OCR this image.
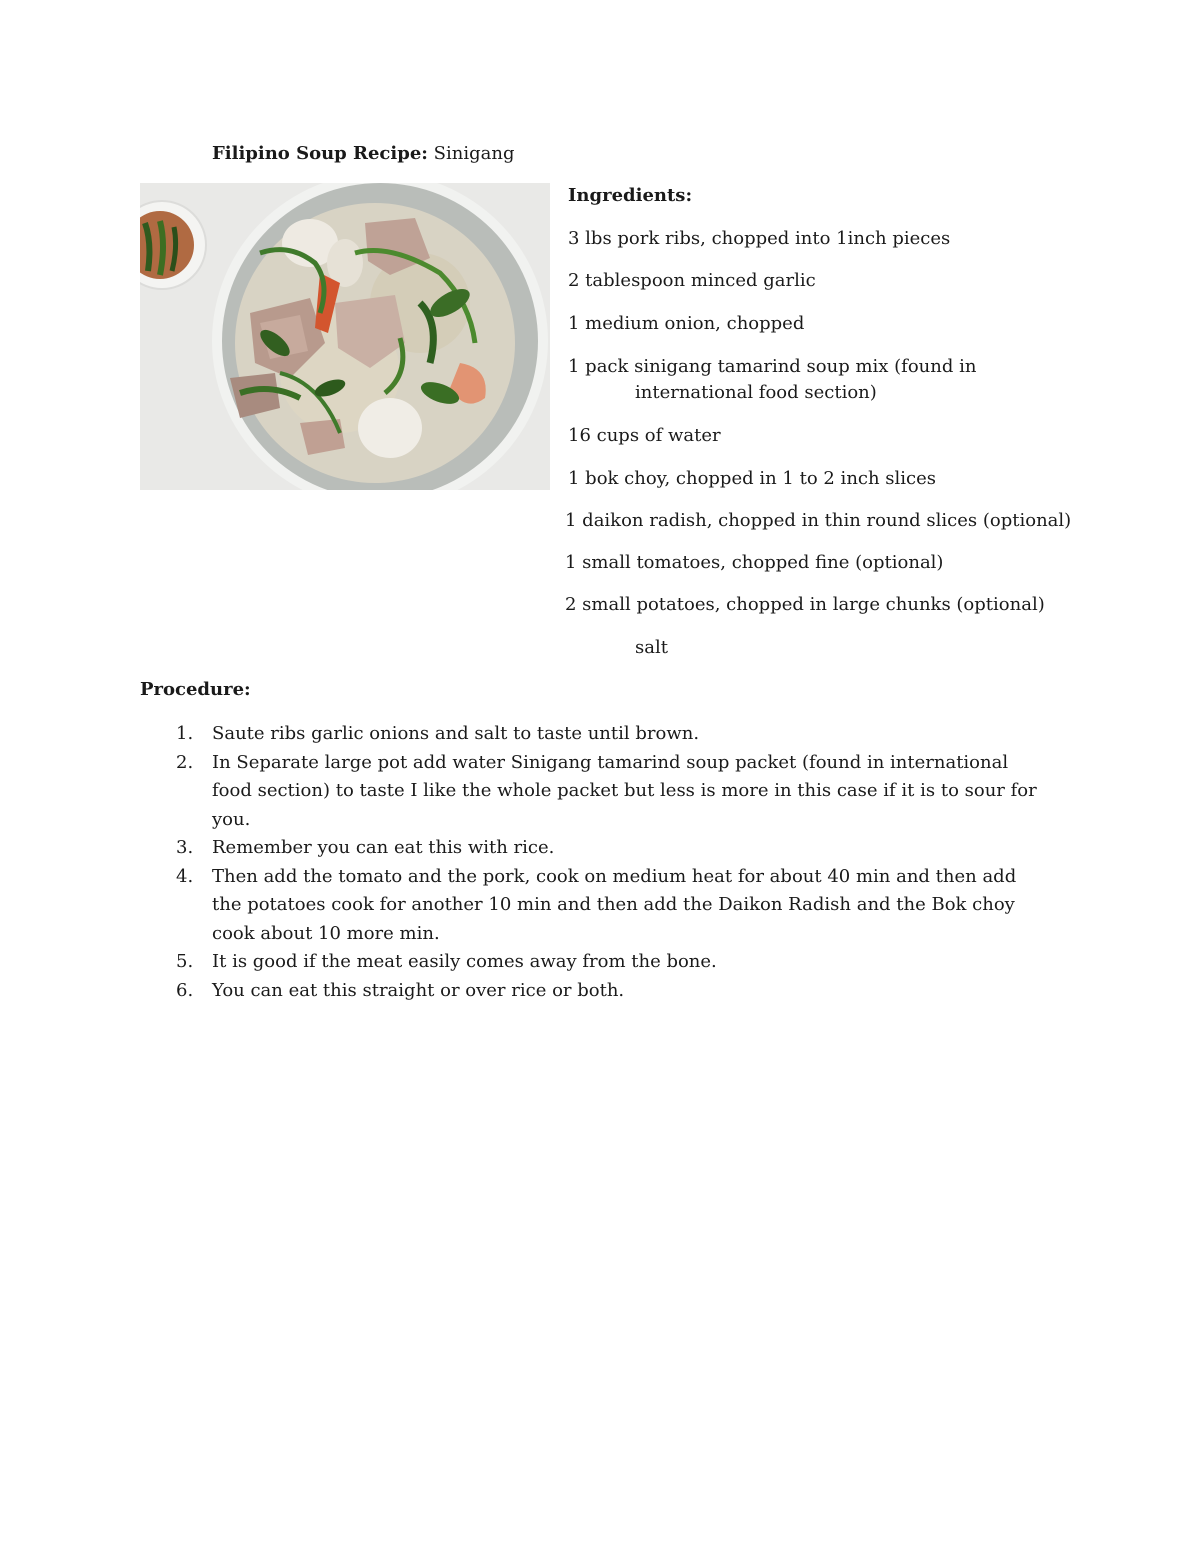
Filipino Soup Recipe: Sinigang
Ingredients:
3 lbs pork ribs, chopped into 1inch pieces
2 tablespoon minced garlic
1 medium onion, chopped
1 pack sinigang tamarind soup mix (found in
international food section)
16 cups of water
1 bok choy, chopped in 1 to 2 inch slices
1 daikon radish, chopped in thin round slices (optional)
1 small tomatoes, chopped fine (optional)
2 small potatoes, chopped in large chunks (optional)
salt
Procedure:
1. Saute ribs garlic onions and salt to taste until brown.
2. In Separate large pot add water Sinigang tamarind soup packet (found in international food section) to taste I like the whole packet but less is more in this case if it is to sour for you.
3. Remember you can eat this with rice.
4. Then add the tomato and the pork, cook on medium heat for about 40 min and then add the potatoes cook for another 10 min and then add the Daikon Radish and the Bok choy cook about 10 more min.
5. It is good if the meat easily comes away from the bone.
6. You can eat this straight or over rice or both.
